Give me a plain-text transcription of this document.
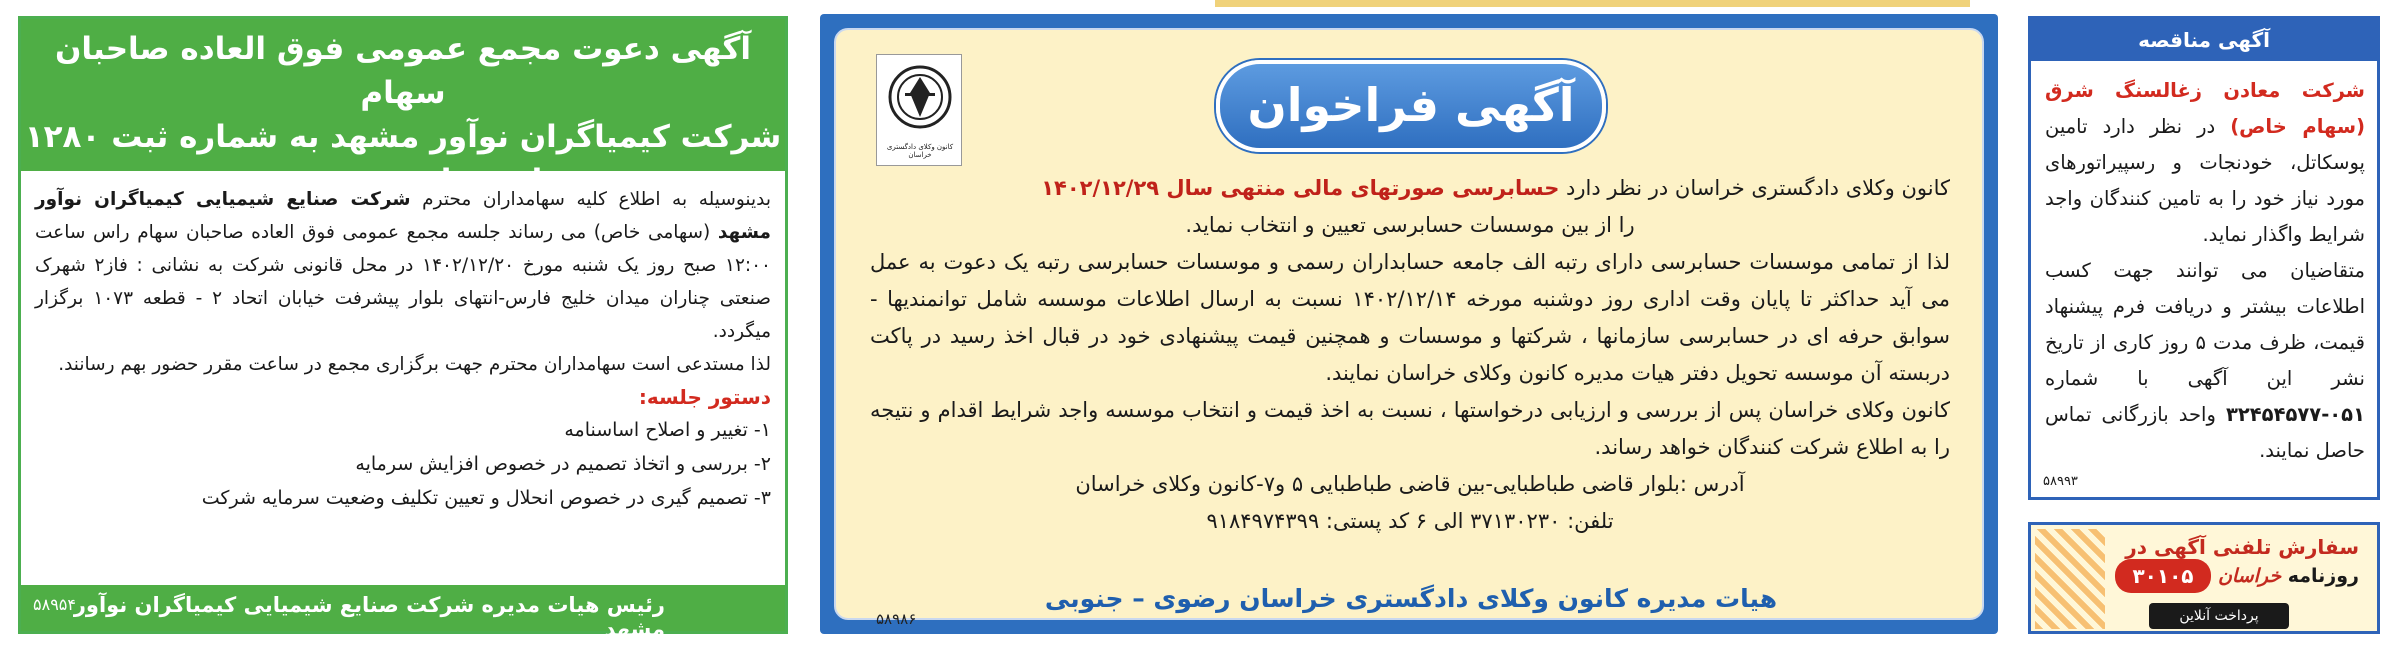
آگهی دعوت مجمع عمومی فوق العاده صاحبان سهام
شرکت کیمیاگران نوآور مشهد به شماره ثبت ۱۲۸۰
و شناسه ملی ۱۴۰۰۹۳۲۲۹۲۷

بدینوسیله به اطلاع کلیه سهامداران محترم شرکت صنایع شیمیایی کیمیاگران نوآور مشهد (سهامی خاص) می رساند جلسه مجمع عمومی فوق العاده صاحبان سهام راس ساعت ۱۲:۰۰ صبح روز یک شنبه مورخ ۱۴۰۲/۱۲/۲۰ در محل قانونی شرکت به نشانی : فاز۲ شهرک صنعتی چناران میدان خلیج فارس-انتهای بلوار پیشرفت خیابان اتحاد ۲ - قطعه ۱۰۷۳ برگزار میگردد.

لذا مستدعی است سهامداران محترم جهت برگزاری مجمع در ساعت مقرر حضور بهم رسانند.

دستور جلسه:

۱- تغییر و اصلاح اساسنامه

۲- بررسی و اتخاذ تصمیم در خصوص افزایش سرمایه

۳- تصمیم گیری در خصوص انحلال و تعیین تکلیف وضعیت سرمایه شرکت

رئیس هیات مدیره شرکت صنایع شیمیایی کیمیاگران نوآور مشهد
۵۸۹۵۴
کانون وکلای دادگستری خراسان
آگهی فراخوان

کانون وکلای دادگستری خراسان در نظر دارد حسابرسی صورتهای مالی منتهی سال ۱۴۰۲/۱۲/۲۹

را از بین موسسات حسابرسی تعیین و انتخاب نماید.

لذا از تمامی موسسات حسابرسی دارای رتبه الف جامعه حسابداران رسمی و موسسات حسابرسی رتبه یک دعوت به عمل می آید حداکثر تا پایان وقت اداری روز دوشنبه مورخه ۱۴۰۲/۱۲/۱۴ نسبت به ارسال اطلاعات موسسه شامل توانمندیها - سوابق حرفه ای در حسابرسی سازمانها ، شرکتها و موسسات و همچنین قیمت پیشنهادی خود در قبال اخذ رسید در پاکت دربسته آن موسسه تحویل دفتر هیات مدیره کانون وکلای خراسان نمایند.

کانون وکلای خراسان پس از بررسی و ارزیابی درخواستها ، نسبت به اخذ قیمت و انتخاب موسسه واجد شرایط اقدام و نتیجه را به اطلاع شرکت کنندگان خواهد رساند.

آدرس :بلوار قاضی طباطبایی-بین قاضی طباطبایی ۵ و۷-کانون وکلای خراسان

تلفن: ۳۷۱۳۰۲۳۰ الی ۶ کد پستی: ۹۱۸۴۹۷۴۳۹۹

هیات مدیره کانون وکلای دادگستری خراسان رضوی – جنوبی
۵۸۹۸۶
آگهی مناقصه

شرکت معادن زغالسنگ شرق (سهام خاص) در نظر دارد تامین پوسکاتل، خودنجات و رسپیراتورهای مورد نیاز خود را به تامین کنندگان واجد شرایط واگذار نماید.

متقاضیان می توانند جهت کسب اطلاعات بیشتر و دریافت فرم پیشنهاد قیمت، ظرف مدت ۵ روز کاری از تاریخ نشر این آگهی با شماره ۰۵۱-۳۲۴۵۴۵۷۷ واحد بازرگانی تماس حاصل نمایند.

۵۸۹۹۳
سفارش تلفنی آگهی در
روزنامه خراسان
۳۰۱۰۵
پرداخت آنلاین
